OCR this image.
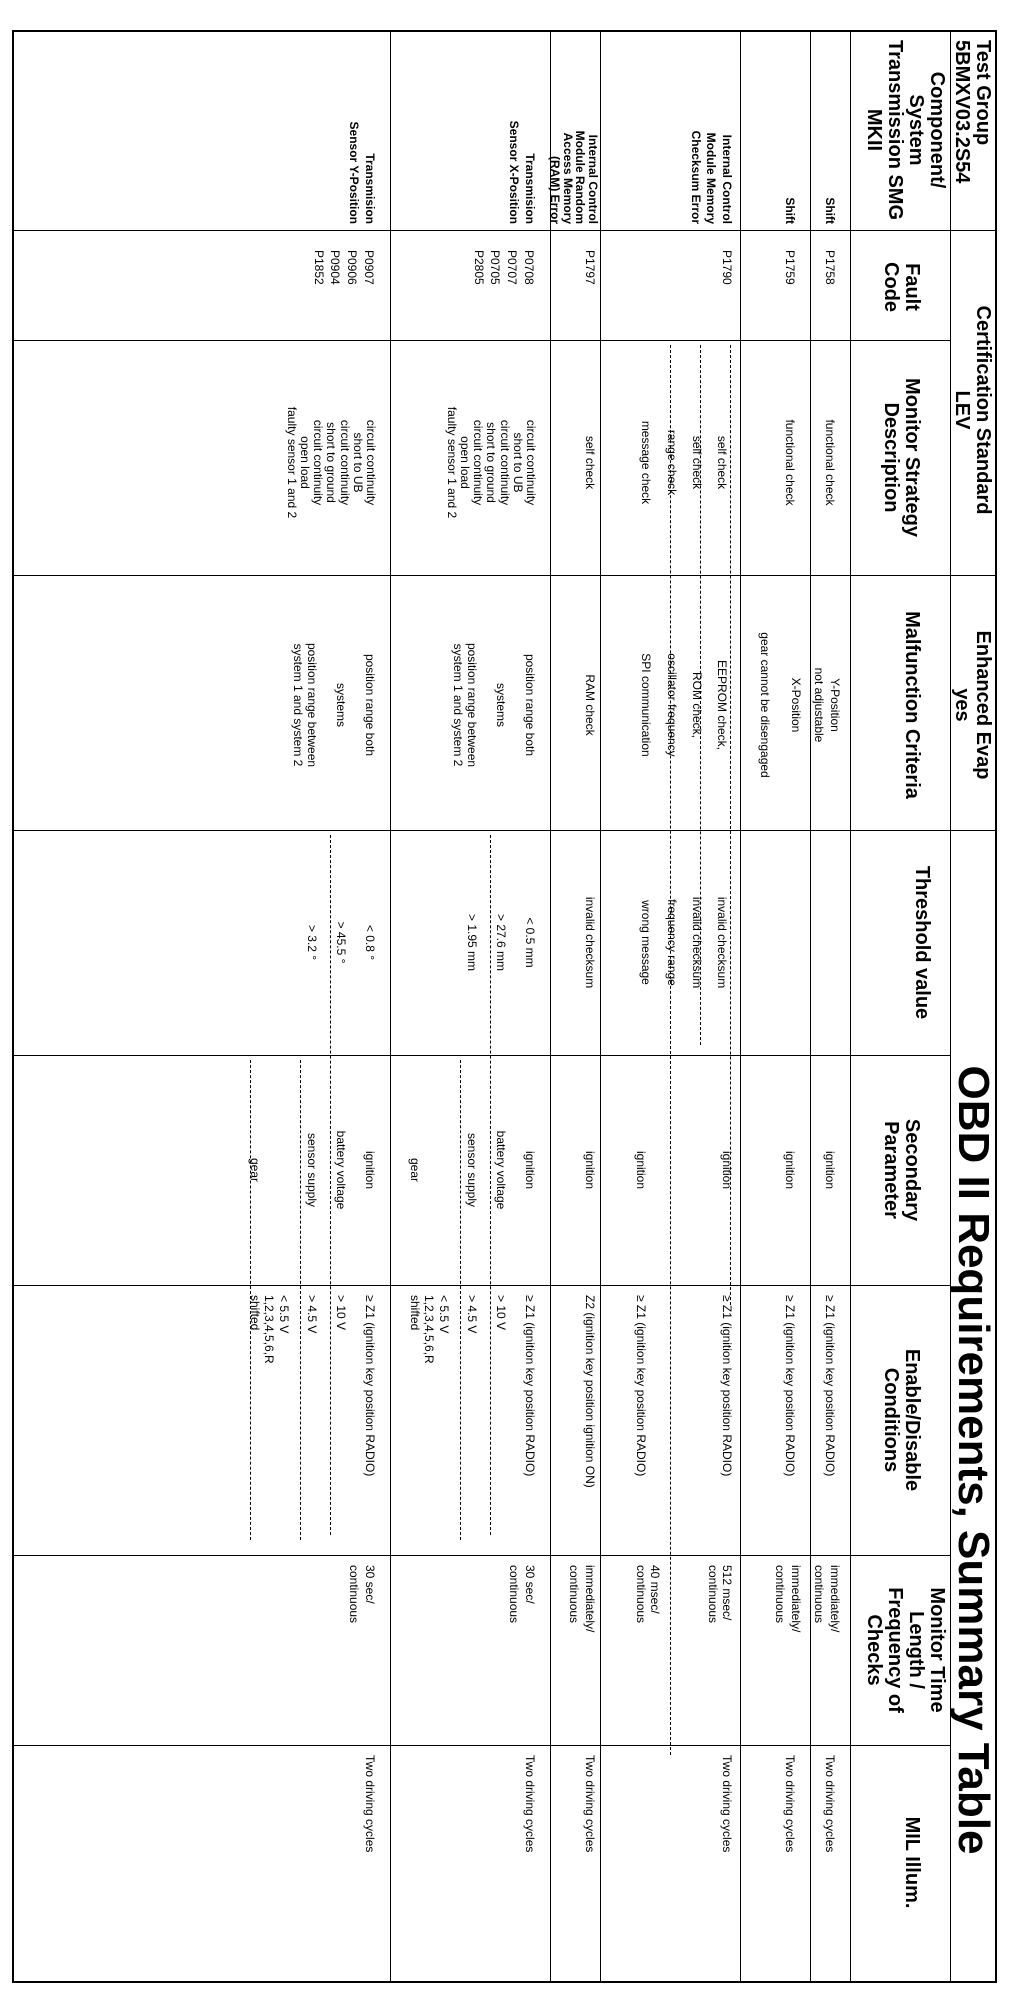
Test Group
5BMXV03.2S54
Certification Standard
LEV
Enhanced Evap
yes
OBD II Requirements, Summary Table
Component/ System Transmission SMG MKII
Fault Code
Monitor Strategy Description
Malfunction Criteria
Threshold value
Secondary Parameter
Enable/Disable Conditions
Monitor Time Length / Frequency of Checks
MIL Illum.
Shift
P1758
functional check
Y-Position
not adjustable
ignition
≥ Z1 (ignition key position RADIO)
immediately/
continuous
Two driving cycles
Shift
P1759
functional check
X-Position

gear cannot be disengaged
ignition
≥ Z1 (ignition key position RADIO)
immediately/
continuous
Two driving cycles
Internal Control
Module Memory
Checksum Error
P1790
self check
self check
range check
message check
EEPROM check,
ROM check,
oscillator frequency
SPI communication
invalid checksum
invalid checksum
frequency range
wrong message
ignition

ignition
≥ Z1 (ignition key position RADIO)

≥ Z1 (ignition key position RADIO)
512 msec/
continuous

40 msec/
continuous
Two driving cycles
Internal Control
Module Random
Access Memory
(RAM) Error
P1797
self check
RAM check
invalid checksum
ignition
Z2 (ignition key position ignition ON)
immediately/
continuous
Two driving cycles
Transmision
Sensor X-Position
P0708
P0707
P0705
P2805
circuit continuity
short to UB
circuit continuity
short to ground
circuit continuity
open load
faulty sensor 1 and 2
position range both

systems

position range between
system 1 and system 2
< 0.5 mm

> 27.6 mm

> 1.95 mm
ignition

battery voltage

sensor supply

gear
≥ Z1 (ignition key position RADIO)

> 10 V

> 4.5 V

< 5.5 V
1,2,3,4,5,6,R
shifted
30 sec/
continuous
Two driving cycles
Transmision
Sensor Y-Position
P0907
P0906
P0904
P1852
circuit continuity
short to UB
circuit continuity
short to ground
circuit continuity
open load
faulty sensor 1 and 2
position range both

systems

position range between
system 1 and system 2
< 0.8 °

> 45.5 °

> 3.2 °
ignition

battery voltage

sensor supply

gear
≥ Z1 (ignition key position RADIO)

> 10 V

> 4.5 V

< 5.5 V
1,2,3,4,5,6,R
shifted
30 sec/
continuous
Two driving cycles
